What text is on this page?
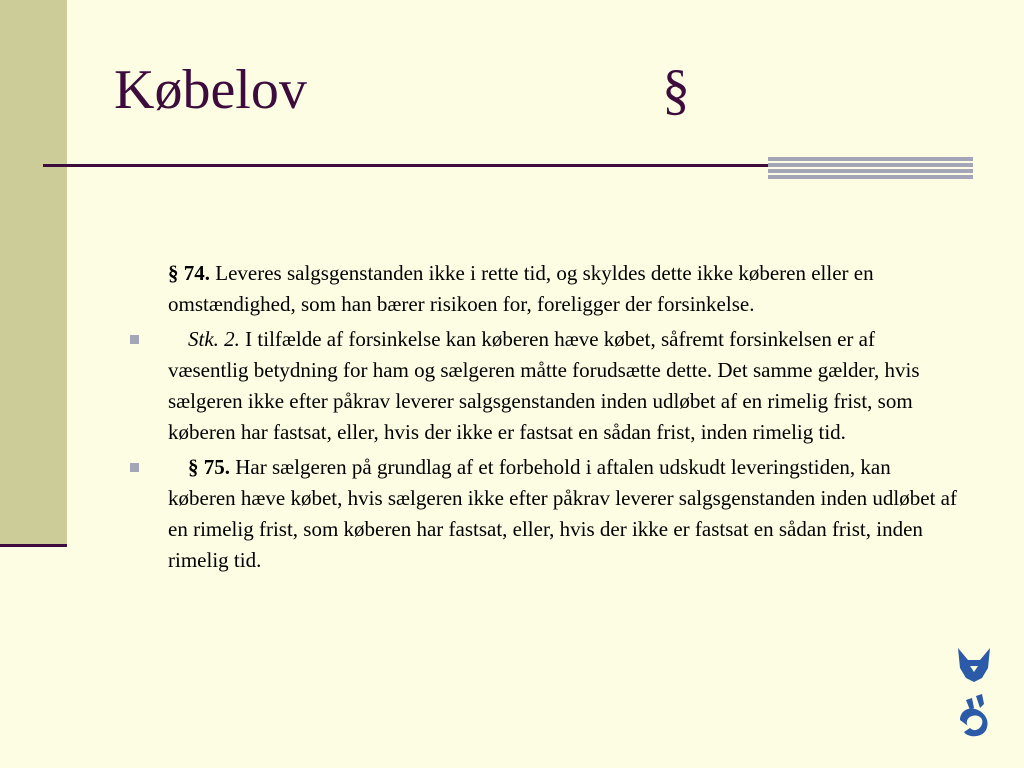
Købelov	§

§ 74. Leveres salgsgenstanden ikke i rette tid, og skyldes dette ikke køberen eller en omstændighed, som han bærer risikoen for, foreligger der forsinkelse.

Stk. 2. I tilfælde af forsinkelse kan køberen hæve købet, såfremt forsinkelsen er af væsentlig betydning for ham og sælgeren måtte forudsætte dette. Det samme gælder, hvis sælgeren ikke efter påkrav leverer salgsgenstanden inden udløbet af en rimelig frist, som køberen har fastsat, eller, hvis der ikke er fastsat en sådan frist, inden rimelig tid.

§ 75. Har sælgeren på grundlag af et forbehold i aftalen udskudt leveringstiden, kan køberen hæve købet, hvis sælgeren ikke efter påkrav leverer salgsgenstanden inden udløbet af en rimelig frist, som køberen har fastsat, eller, hvis der ikke er fastsat en sådan frist, inden rimelig tid.
